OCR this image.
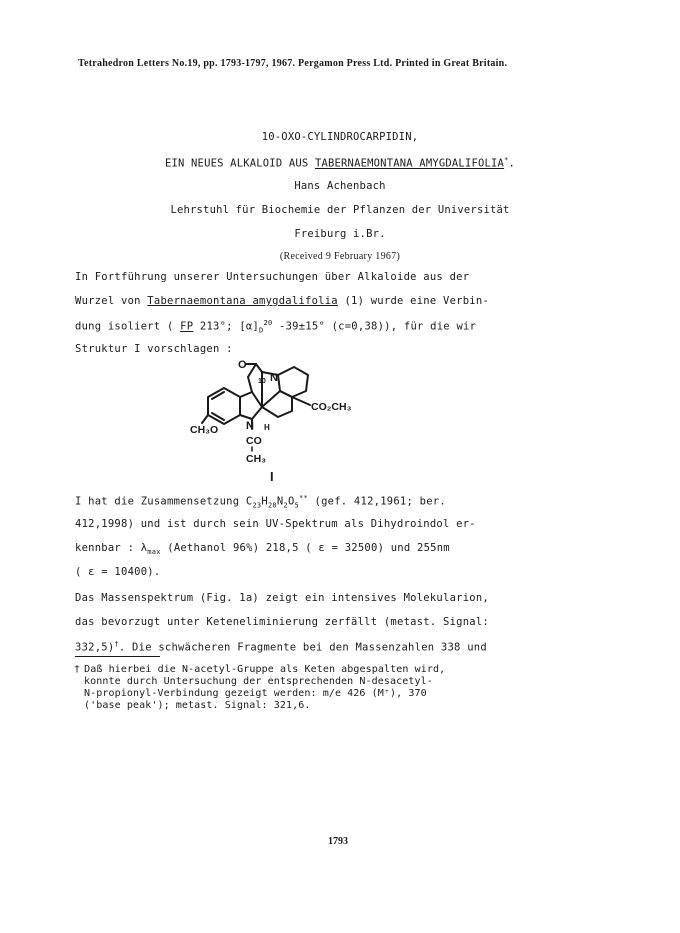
Tetrahedron Letters No.19, pp. 1793-1797, 1967. Pergamon Press Ltd. Printed in Great Britain.
10-OXO-CYLINDROCARPIDIN,
EIN NEUES ALKALOID AUS TABERNAEMONTANA AMYGDALIFOLIA*.
Hans Achenbach
Lehrstuhl für Biochemie der Pflanzen der Universität
Freiburg i.Br.
(Received 9 February 1967)
In Fortführung unserer Untersuchungen über Alkaloide aus der
Wurzel von Tabernaemontana amygdalifolia (1) wurde eine Verbin-
dung isoliert ( FP 213°; $[\alpha]_D^{20}$ -39±15° (c=0,38)), für die wir
Struktur I vorschlagen :
O
10 N
CO₂CH₃
CH₃O	N H
CO
CH₃
I
I hat die Zusammensetzung $C_{23}H_{28}N_2O_5^{**}$ (gef. 412,1961; ber.
412,1998) und ist durch sein UV-Spektrum als Dihydroindol er-
kennbar : $\lambda_{max}$ (Aethanol 96%) 218,5 ( ε = 32500) und 255nm
( ε = 10400).
Das Massenspektrum (Fig. 1a) zeigt ein intensives Molekularion,
das bevorzugt unter Keteneliminierung zerfällt (metast. Signal:
332,5)†. Die schwächeren Fragmente bei den Massenzahlen 338 und
† Daß hierbei die N-acetyl-Gruppe als Keten abgespalten wird,
konnte durch Untersuchung der entsprechenden N-desacetyl-
N-propionyl-Verbindung gezeigt werden: m/e 426 (M⁺), 370
('base peak'); metast. Signal: 321,6.
1793
